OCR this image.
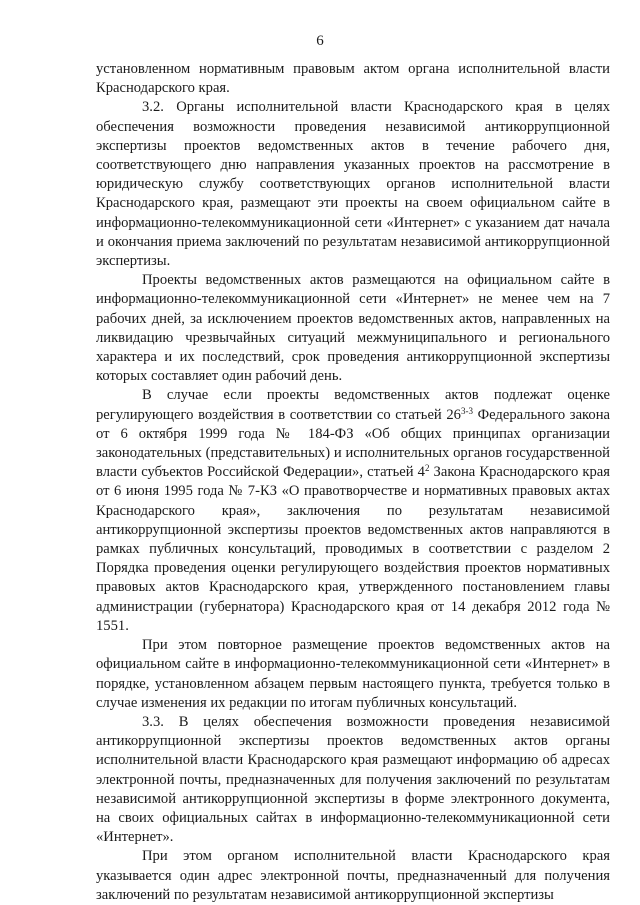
6

установленном нормативным правовым актом органа исполнительной власти Краснодарского края.

3.2. Органы исполнительной власти Краснодарского края в целях обеспечения возможности проведения независимой антикоррупционной экспертизы проектов ведомственных актов в течение рабочего дня, соответствующего дню направления указанных проектов на рассмотрение в юридическую службу соответствующих органов исполнительной власти Краснодарского края, размещают эти проекты на своем официальном сайте в информационно-телекоммуникационной сети «Интернет» с указанием дат начала и окончания приема заключений по результатам независимой антикоррупционной экспертизы.

Проекты ведомственных актов размещаются на официальном сайте в информационно-телекоммуникационной сети «Интернет» не менее чем на 7 рабочих дней, за исключением проектов ведомственных актов, направленных на ликвидацию чрезвычайных ситуаций межмуниципального и регионального характера и их последствий, срок проведения антикоррупционной экспертизы которых составляет один рабочий день.

В случае если проекты ведомственных актов подлежат оценке регулирующего воздействия в соответствии со статьей 26$^{3-3}$ Федерального закона от 6 октября 1999 года № 184-ФЗ «Об общих принципах организации законодательных (представительных) и исполнительных органов государственной власти субъектов Российской Федерации», статьей $4^2$ Закона Краснодарского края от 6 июня 1995 года № 7-КЗ «О правотворчестве и нормативных правовых актах Краснодарского края», заключения по результатам независимой антикоррупционной экспертизы проектов ведомственных актов направляются в рамках публичных консультаций, проводимых в соответствии с разделом 2 Порядка проведения оценки регулирующего воздействия проектов нормативных правовых актов Краснодарского края, утвержденного постановлением главы администрации (губернатора) Краснодарского края от 14 декабря 2012 года № 1551.

При этом повторное размещение проектов ведомственных актов на официальном сайте в информационно-телекоммуникационной сети «Интернет» в порядке, установленном абзацем первым настоящего пункта, требуется только в случае изменения их редакции по итогам публичных консультаций.

3.3. В целях обеспечения возможности проведения независимой антикоррупционной экспертизы проектов ведомственных актов органы исполнительной власти Краснодарского края размещают информацию об адресах электронной почты, предназначенных для получения заключений по результатам независимой антикоррупционной экспертизы в форме электронного документа, на своих официальных сайтах в информационно-телекоммуникационной сети «Интернет».

При этом органом исполнительной власти Краснодарского края указывается один адрес электронной почты, предназначенный для получения заключений по результатам независимой антикоррупционной экспертизы
